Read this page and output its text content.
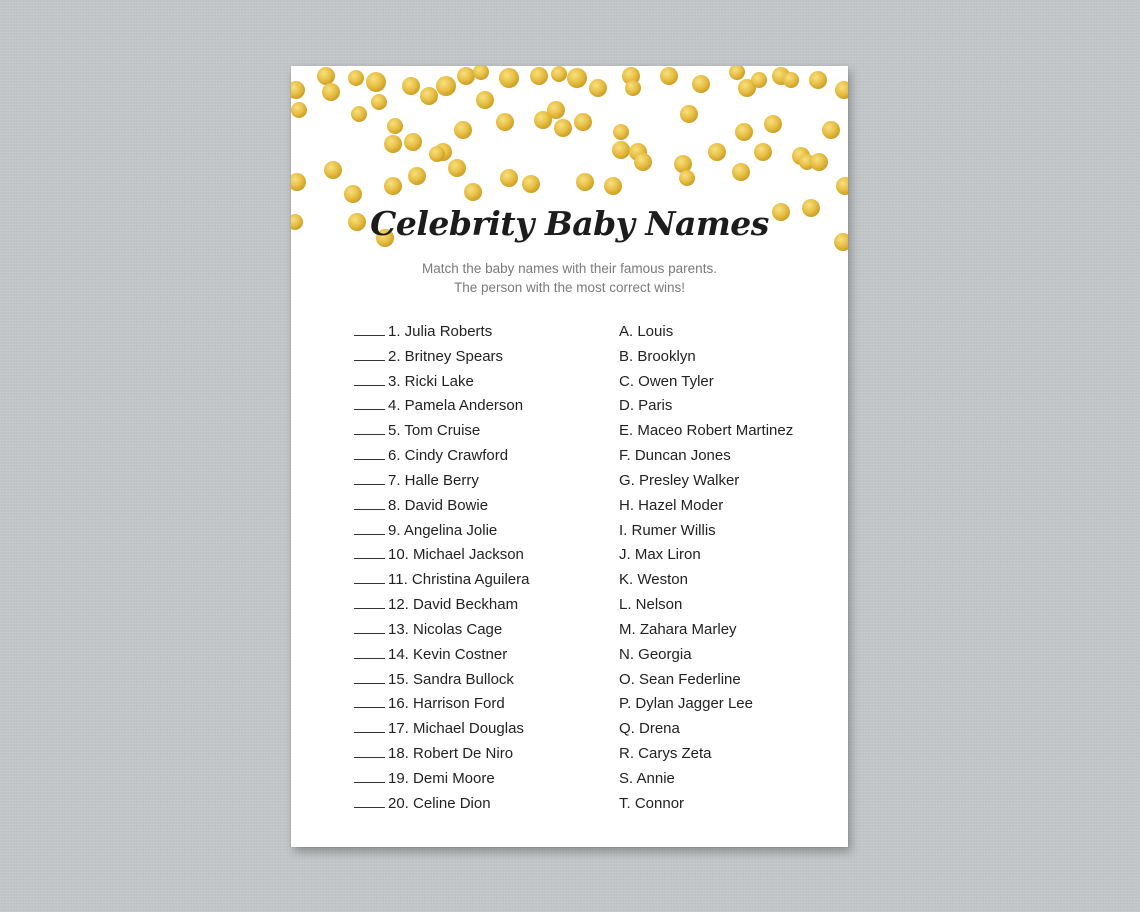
Celebrity Baby Names
Match the baby names with their famous parents.
The person with the most correct wins!
1. Julia Roberts
2. Britney Spears
3. Ricki Lake
4. Pamela Anderson
5. Tom Cruise
6. Cindy Crawford
7. Halle Berry
8. David Bowie
9. Angelina Jolie
10. Michael Jackson
11. Christina Aguilera
12. David Beckham
13. Nicolas Cage
14. Kevin Costner
15. Sandra Bullock
16. Harrison Ford
17. Michael Douglas
18. Robert De Niro
19. Demi Moore
20. Celine Dion
A. Louis
B. Brooklyn
C. Owen Tyler
D. Paris
E. Maceo Robert Martinez
F. Duncan Jones
G. Presley Walker
H. Hazel Moder
I. Rumer Willis
J. Max Liron
K. Weston
L. Nelson
M. Zahara Marley
N. Georgia
O. Sean Federline
P. Dylan Jagger Lee
Q. Drena
R. Carys Zeta
S. Annie
T. Connor
